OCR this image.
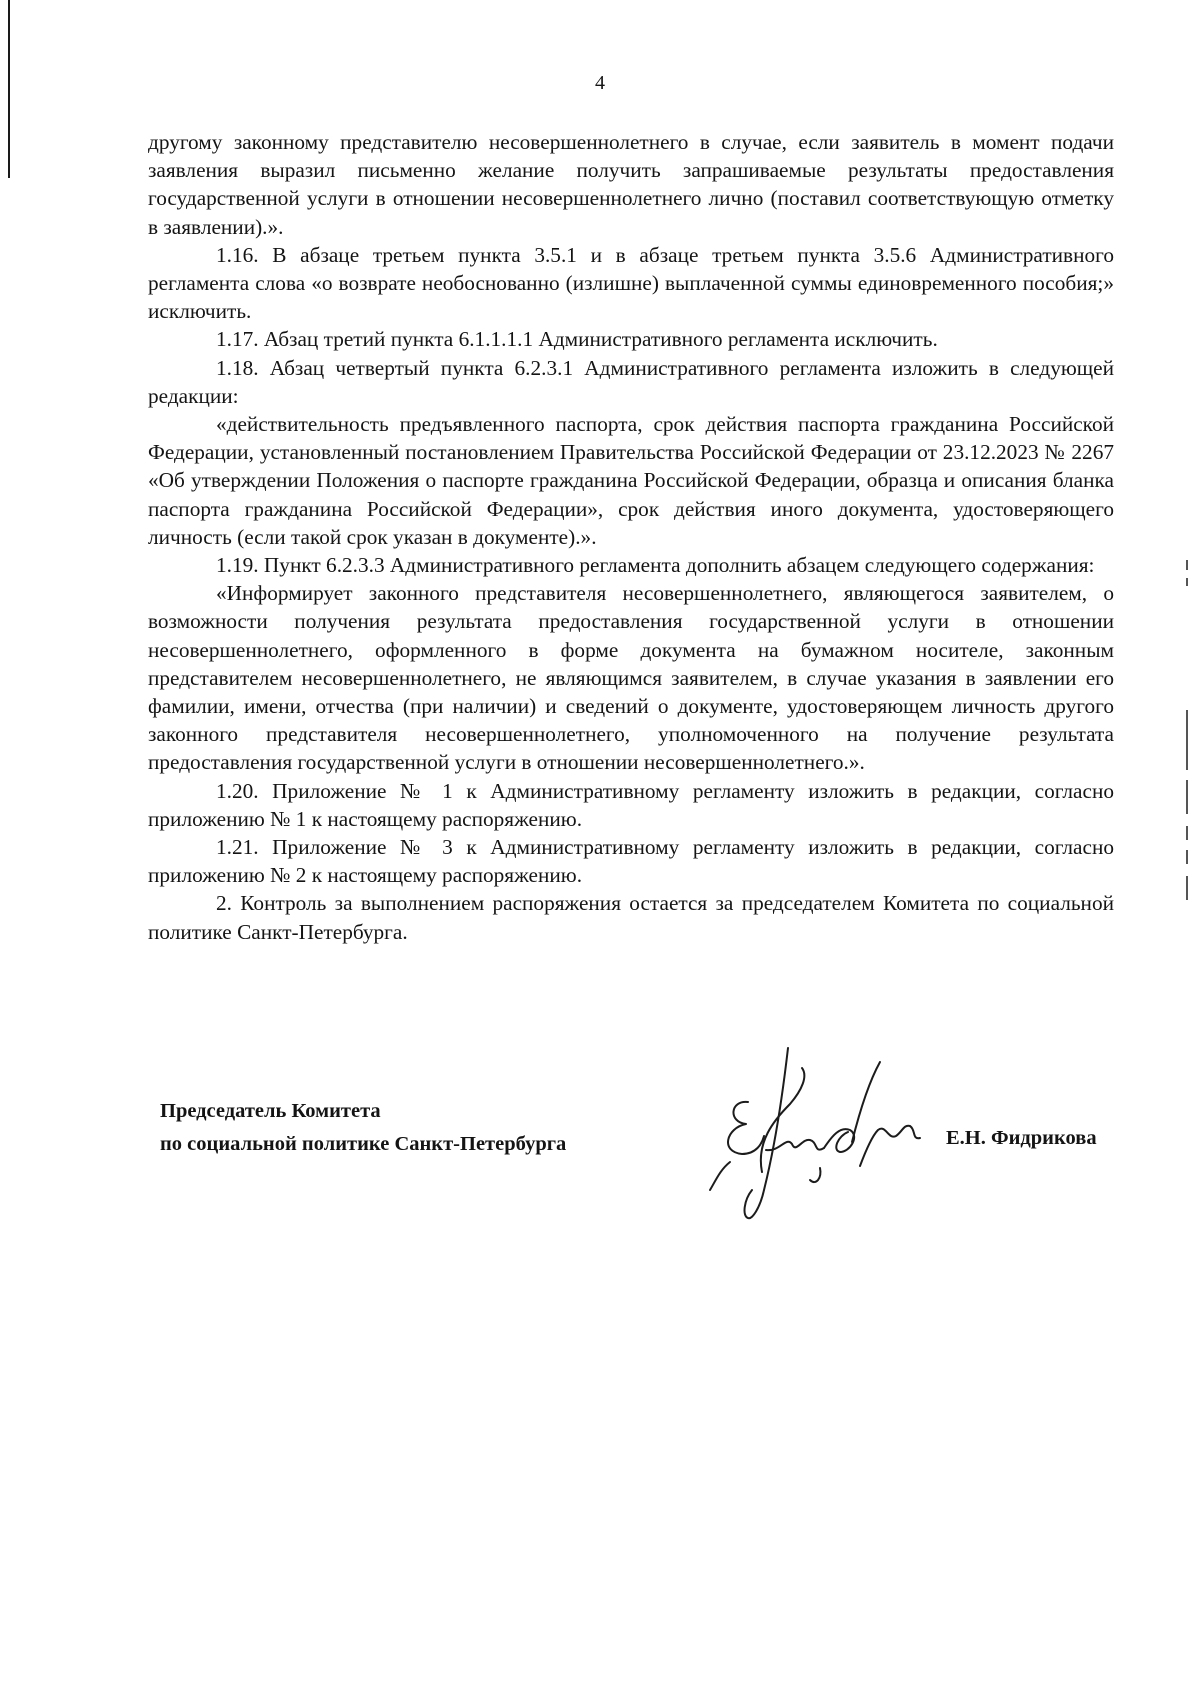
4

другому законному представителю несовершеннолетнего в случае, если заявитель в момент подачи заявления выразил письменно желание получить запрашиваемые результаты предоставления государственной услуги в отношении несовершеннолетнего лично (поставил соответствующую отметку в заявлении).».

1.16. В абзаце третьем пункта 3.5.1 и в абзаце третьем пункта 3.5.6 Административного регламента слова «о возврате необоснованно (излишне) выплаченной суммы единовременного пособия;» исключить.

1.17. Абзац третий пункта 6.1.1.1.1 Административного регламента исключить.

1.18. Абзац четвертый пункта 6.2.3.1 Административного регламента изложить в следующей редакции:

«действительность предъявленного паспорта, срок действия паспорта гражданина Российской Федерации, установленный постановлением Правительства Российской Федерации от 23.12.2023 № 2267 «Об утверждении Положения о паспорте гражданина Российской Федерации, образца и описания бланка паспорта гражданина Российской Федерации», срок действия иного документа, удостоверяющего личность (если такой срок указан в документе).».

1.19. Пункт 6.2.3.3 Административного регламента дополнить абзацем следующего содержания:

«Информирует законного представителя несовершеннолетнего, являющегося заявителем, о возможности получения результата предоставления государственной услуги в отношении несовершеннолетнего, оформленного в форме документа на бумажном носителе, законным представителем несовершеннолетнего, не являющимся заявителем, в случае указания в заявлении его фамилии, имени, отчества (при наличии) и сведений о документе, удостоверяющем личность другого законного представителя несовершеннолетнего, уполномоченного на получение результата предоставления государственной услуги в отношении несовершеннолетнего.».

1.20. Приложение № 1 к Административному регламенту изложить в редакции, согласно приложению № 1 к настоящему распоряжению.

1.21. Приложение № 3 к Административному регламенту изложить в редакции, согласно приложению № 2 к настоящему распоряжению.

2. Контроль за выполнением распоряжения остается за председателем Комитета по социальной политике Санкт-Петербурга.

Председатель Комитета
по социальной политике Санкт-Петербурга	Е.Н. Фидрикова
